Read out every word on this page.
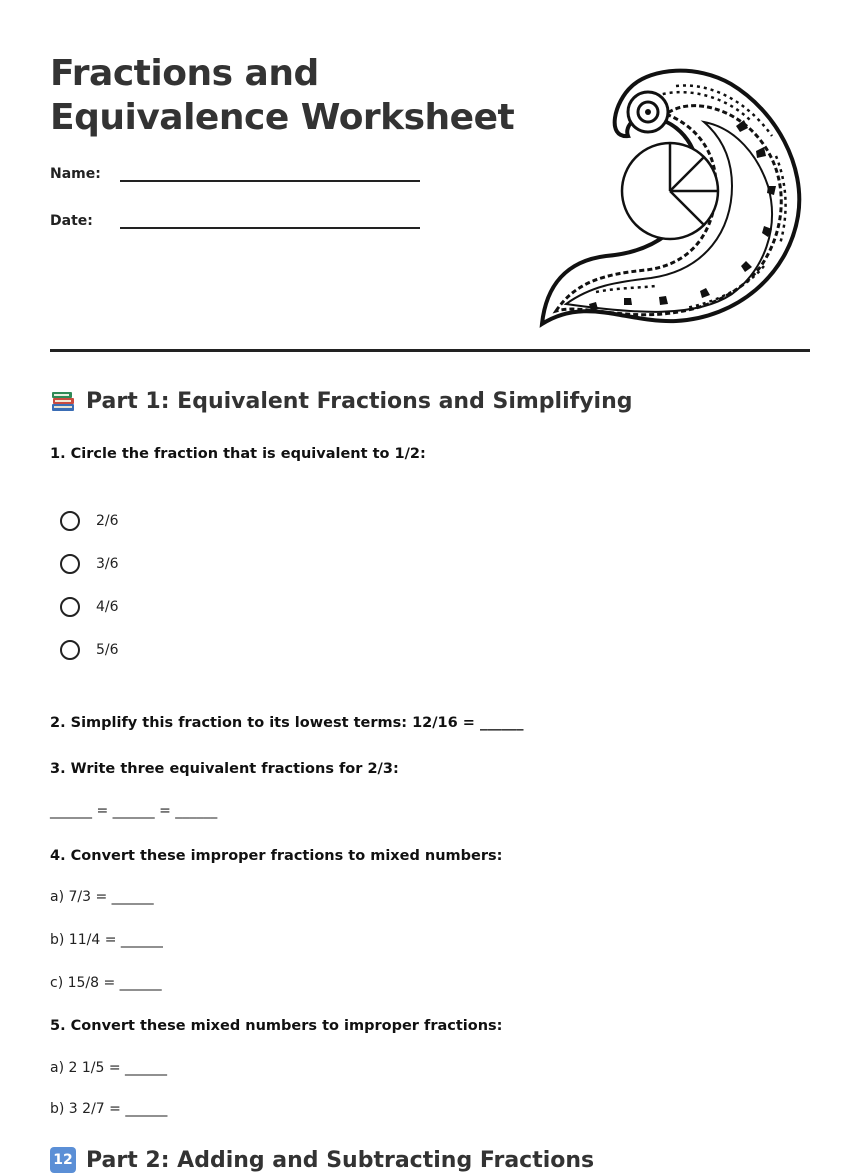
Fractions and
Equivalence Worksheet
Name:
Date:
Part 1: Equivalent Fractions and Simplifying
1. Circle the fraction that is equivalent to 1/2:
2/6
3/6
4/6
5/6
2. Simplify this fraction to its lowest terms: 12/16 = ______
3. Write three equivalent fractions for 2/3:
______ = ______ = ______
4. Convert these improper fractions to mixed numbers:
a) 7/3 = ______
b) 11/4 = ______
c) 15/8 = ______
5. Convert these mixed numbers to improper fractions:
a) 2 1/5 = ______
b) 3 2/7 = ______
12 Part 2: Adding and Subtracting Fractions
